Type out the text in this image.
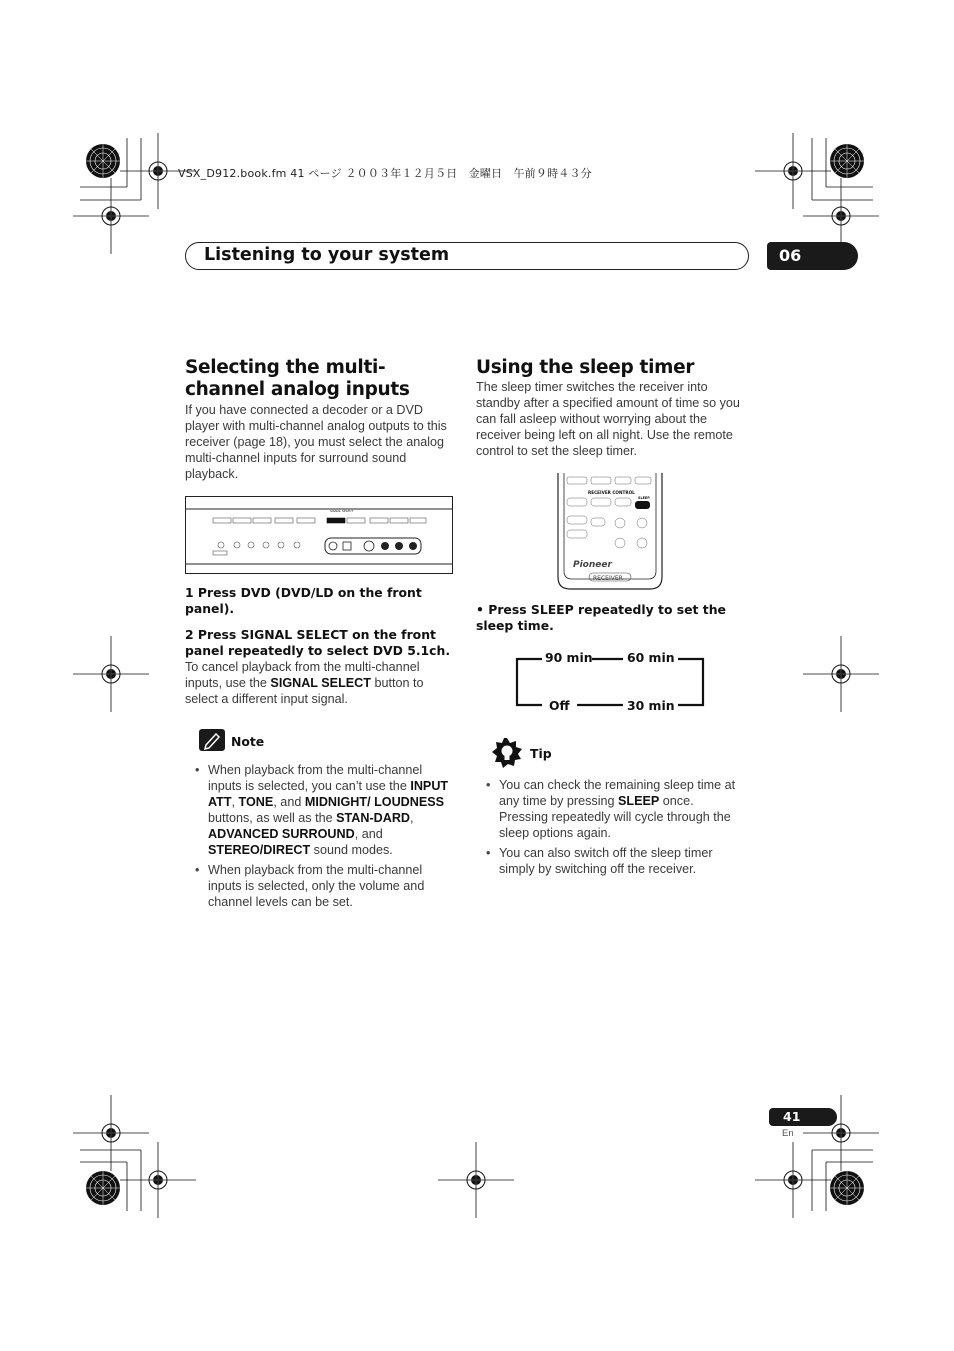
VSX_D912.book.fm 41 ページ ２００３年１２月５日　金曜日　午前９時４３分
Listening to your system	06
Selecting the multi-channel analog inputs
If you have connected a decoder or a DVD player with multi-channel analog outputs to this receiver (page 18), you must select the analog multi-channel inputs for surround sound playback.
SIGNAL SELECT
1 Press DVD (DVD/LD on the front panel).
2 Press SIGNAL SELECT on the front panel repeatedly to select DVD 5.1ch.
To cancel playback from the multi-channel inputs, use the SIGNAL SELECT button to select a different input signal.
Note
• When playback from the multi-channel inputs is selected, you can’t use the INPUT ATT, TONE, and MIDNIGHT/ LOUDNESS buttons, as well as the STAN-DARD, ADVANCED SURROUND, and STEREO/DIRECT sound modes.
• When playback from the multi-channel inputs is selected, only the volume and channel levels can be set.
Using the sleep timer
The sleep timer switches the receiver into standby after a specified amount of time so you can fall asleep without worrying about the receiver being left on all night. Use the remote control to set the sleep timer.
RECEIVER CONTROL
SLEEP
Pioneer
RECEIVER
• Press SLEEP repeatedly to set the sleep time.
90 min	60 min
Off	30 min
Tip
• You can check the remaining sleep time at any time by pressing SLEEP once. Pressing repeatedly will cycle through the sleep options again.
• You can also switch off the sleep timer simply by switching off the receiver.
41
En
